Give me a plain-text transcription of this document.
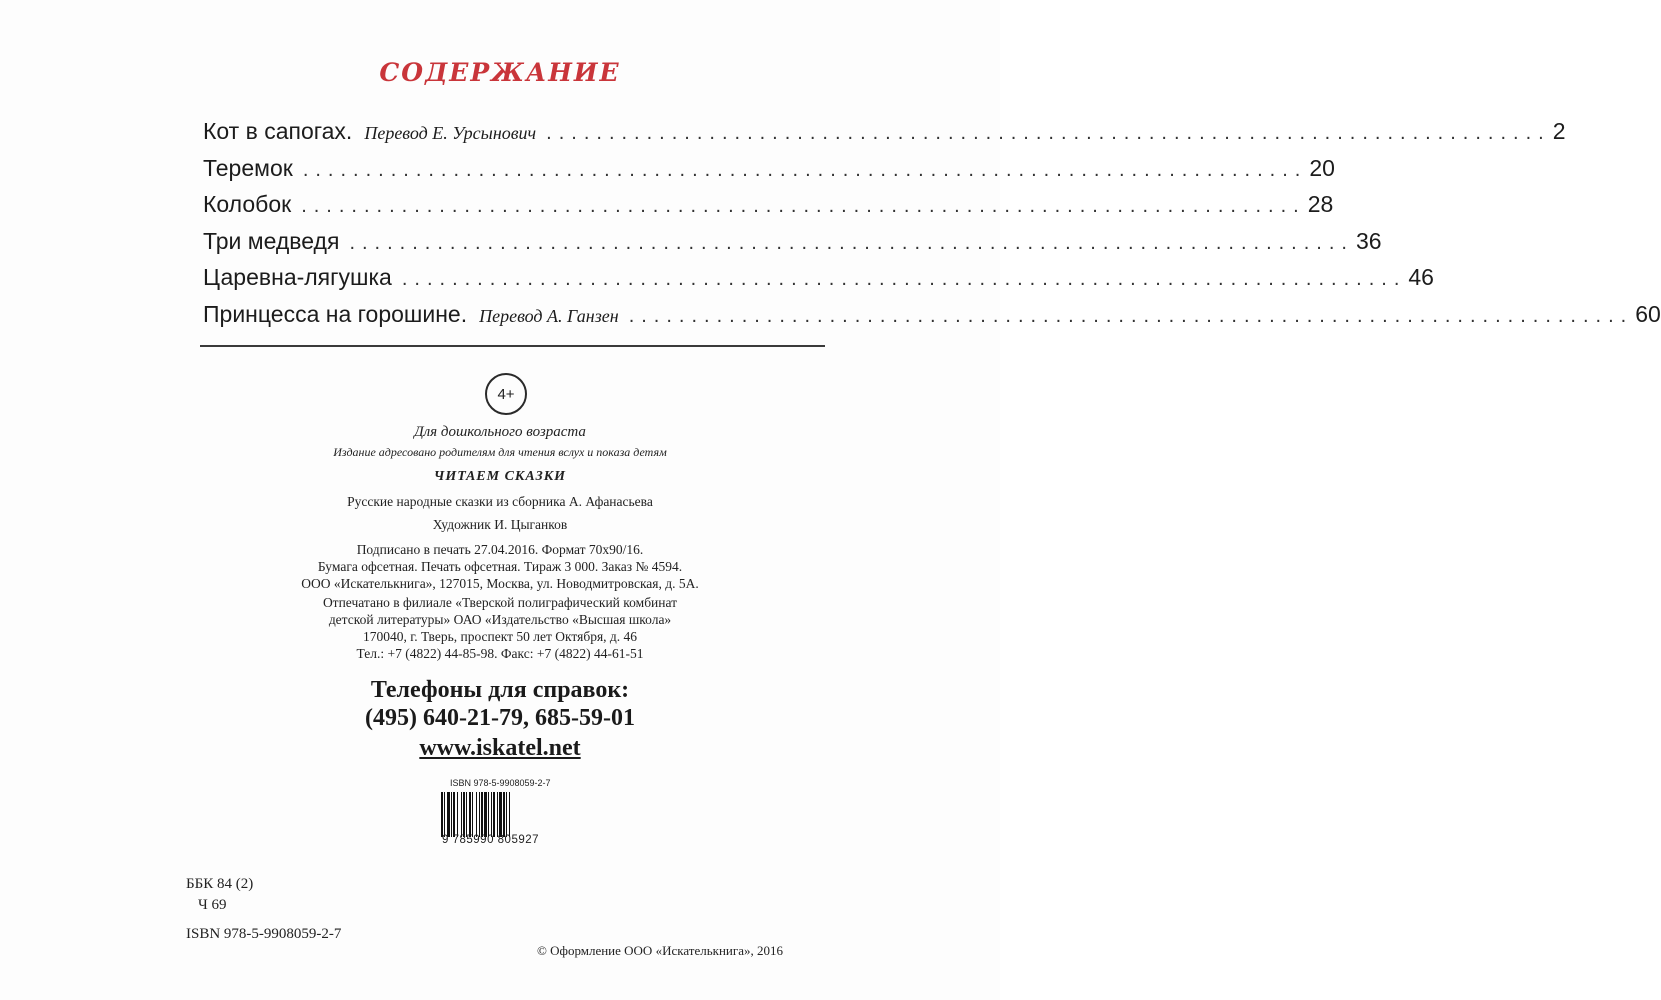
СОДЕРЖАНИЕ
Кот в сапогах. Перевод Е. Урсынович ................................................................................ 2
Теремок ................................................................................ 20
Колобок ................................................................................ 28
Три медведя ................................................................................ 36
Царевна-лягушка ................................................................................ 46
Принцесса на горошине. Перевод А. Ганзен ................................................................................ 60
4+
Для дошкольного возраста
Издание адресовано родителям для чтения вслух и показа детям
ЧИТАЕМ СКАЗКИ
Русские народные сказки из сборника А. Афанасьева
Художник И. Цыганков
Подписано в печать 27.04.2016. Формат 70x90/16.
Бумага офсетная. Печать офсетная. Тираж 3 000. Заказ № 4594.
ООО «Искателькнига», 127015, Москва, ул. Новодмитровская, д. 5А.
Отпечатано в филиале «Тверской полиграфический комбинат
детской литературы» ОАО «Издательство «Высшая школа»
170040, г. Тверь, проспект 50 лет Октября, д. 46
Тел.: +7 (4822) 44-85-98. Факс: +7 (4822) 44-61-51
Телефоны для справок:
(495) 640-21-79, 685-59-01
www.iskatel.net
ISBN 978-5-9908059-2-7
9 785990 805927
ББК 84 (2)
Ч 69
ISBN 978-5-9908059-2-7
© Оформление ООО «Искателькнига», 2016
